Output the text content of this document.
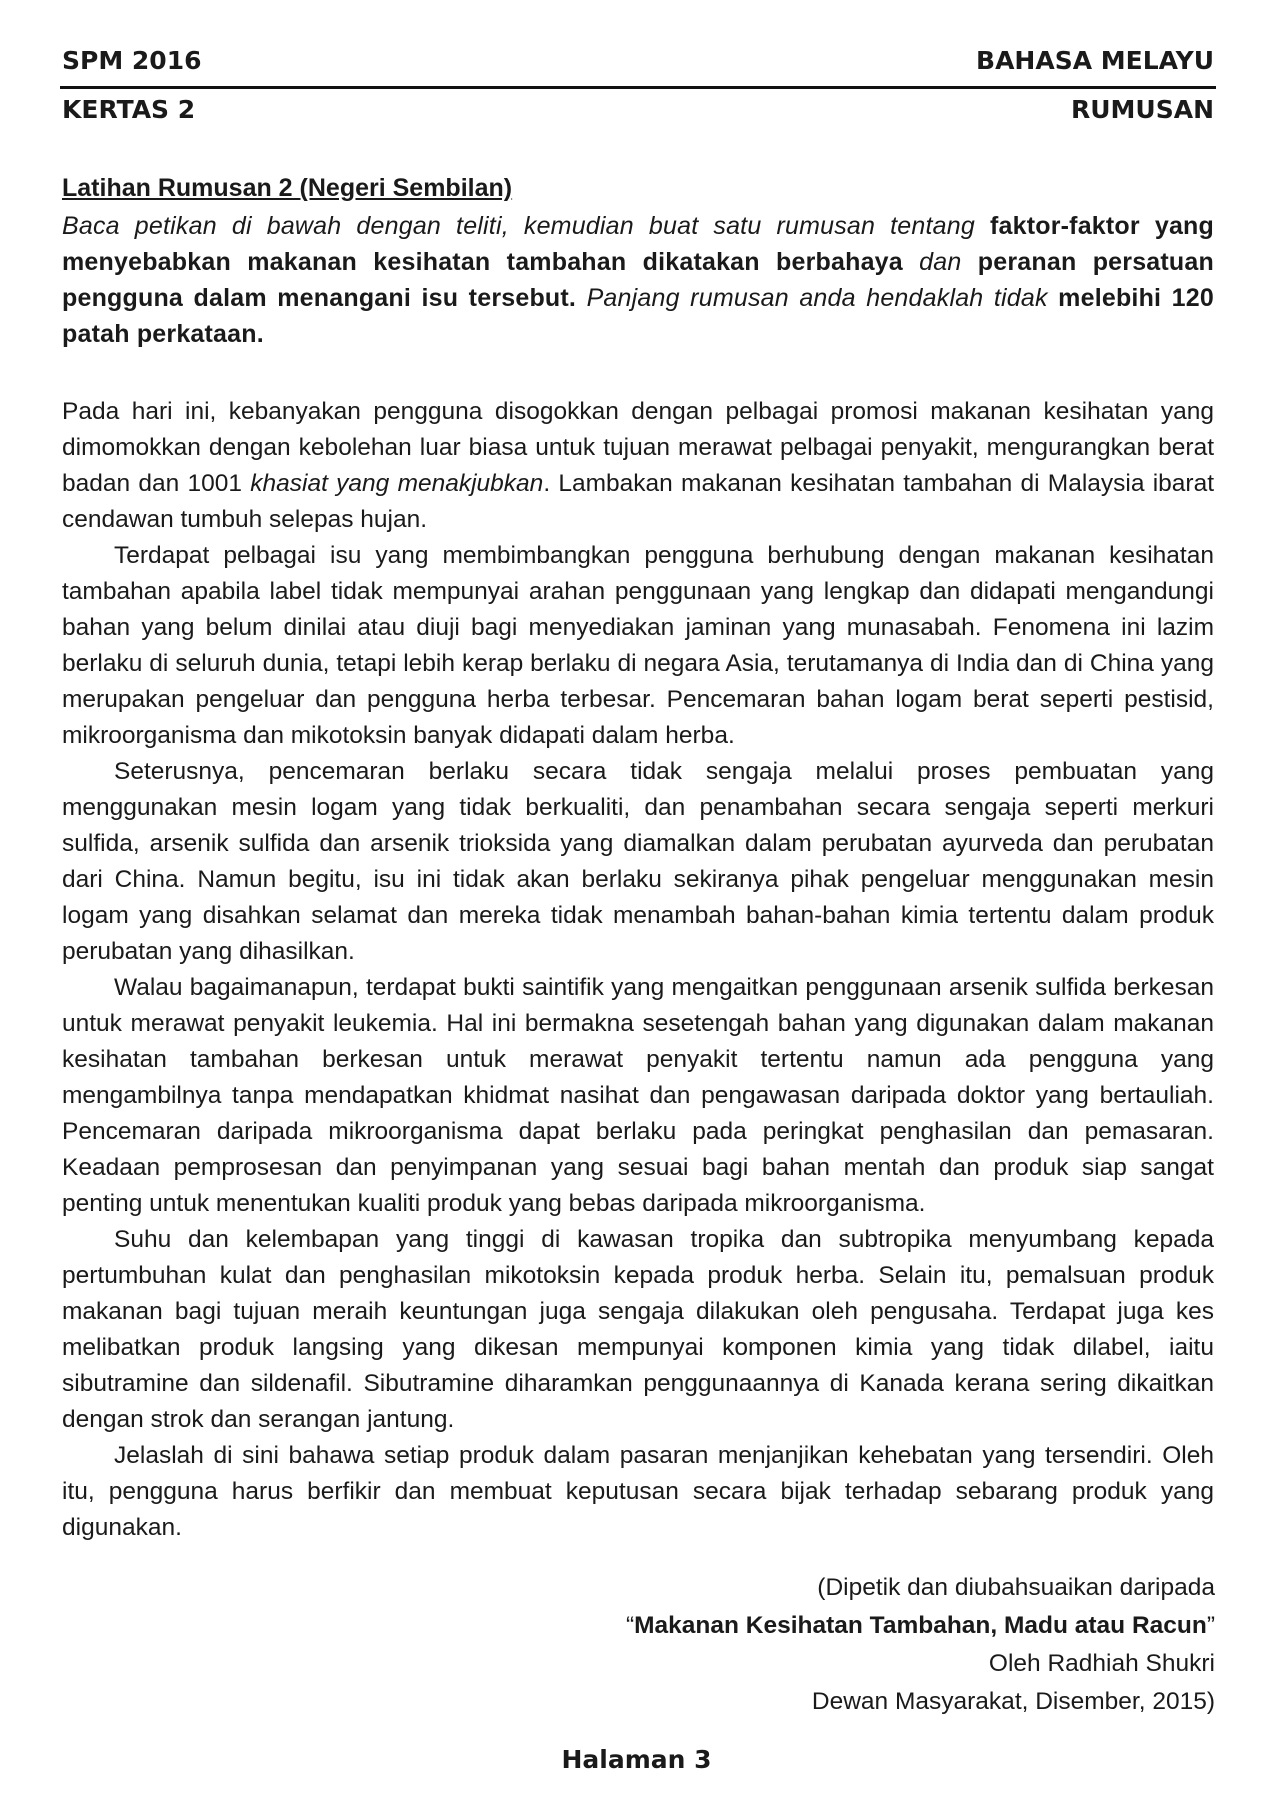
SPM 2016	BAHASA MELAYU
KERTAS 2	RUMUSAN
Latihan Rumusan 2 (Negeri Sembilan)
Baca petikan di bawah dengan teliti, kemudian buat satu rumusan tentang faktor-faktor yang menyebabkan makanan kesihatan tambahan dikatakan berbahaya dan peranan persatuan pengguna dalam menangani isu tersebut. Panjang rumusan anda hendaklah tidak melebihi 120 patah perkataan.

Pada hari ini, kebanyakan pengguna disogokkan dengan pelbagai promosi makanan kesihatan yang dimomokkan dengan kebolehan luar biasa untuk tujuan merawat pelbagai penyakit, mengurangkan berat badan dan 1001 khasiat yang menakjubkan. Lambakan makanan kesihatan tambahan di Malaysia ibarat cendawan tumbuh selepas hujan.

Terdapat pelbagai isu yang membimbangkan pengguna berhubung dengan makanan kesihatan tambahan apabila label tidak mempunyai arahan penggunaan yang lengkap dan didapati mengandungi bahan yang belum dinilai atau diuji bagi menyediakan jaminan yang munasabah. Fenomena ini lazim berlaku di seluruh dunia, tetapi lebih kerap berlaku di negara Asia, terutamanya di India dan di China yang merupakan pengeluar dan pengguna herba terbesar. Pencemaran bahan logam berat seperti pestisid, mikroorganisma dan mikotoksin banyak didapati dalam herba.

Seterusnya, pencemaran berlaku secara tidak sengaja melalui proses pembuatan yang menggunakan mesin logam yang tidak berkualiti, dan penambahan secara sengaja seperti merkuri sulfida, arsenik sulfida dan arsenik trioksida yang diamalkan dalam perubatan ayurveda dan perubatan dari China. Namun begitu, isu ini tidak akan berlaku sekiranya pihak pengeluar menggunakan mesin logam yang disahkan selamat dan mereka tidak menambah bahan-bahan kimia tertentu dalam produk perubatan yang dihasilkan.

Walau bagaimanapun, terdapat bukti saintifik yang mengaitkan penggunaan arsenik sulfida berkesan untuk merawat penyakit leukemia. Hal ini bermakna sesetengah bahan yang digunakan dalam makanan kesihatan tambahan berkesan untuk merawat penyakit tertentu namun ada pengguna yang mengambilnya tanpa mendapatkan khidmat nasihat dan pengawasan daripada doktor yang bertauliah. Pencemaran daripada mikroorganisma dapat berlaku pada peringkat penghasilan dan pemasaran. Keadaan pemprosesan dan penyimpanan yang sesuai bagi bahan mentah dan produk siap sangat penting untuk menentukan kualiti produk yang bebas daripada mikroorganisma.

Suhu dan kelembapan yang tinggi di kawasan tropika dan subtropika menyumbang kepada pertumbuhan kulat dan penghasilan mikotoksin kepada produk herba. Selain itu, pemalsuan produk makanan bagi tujuan meraih keuntungan juga sengaja dilakukan oleh pengusaha. Terdapat juga kes melibatkan produk langsing yang dikesan mempunyai komponen kimia yang tidak dilabel, iaitu sibutramine dan sildenafil. Sibutramine diharamkan penggunaannya di Kanada kerana sering dikaitkan dengan strok dan serangan jantung.

Jelaslah di sini bahawa setiap produk dalam pasaran menjanjikan kehebatan yang tersendiri. Oleh itu, pengguna harus berfikir dan membuat keputusan secara bijak terhadap sebarang produk yang digunakan.

(Dipetik dan diubahsuaikan daripada
“Makanan Kesihatan Tambahan, Madu atau Racun”
Oleh Radhiah Shukri
Dewan Masyarakat, Disember, 2015)
Halaman 3
